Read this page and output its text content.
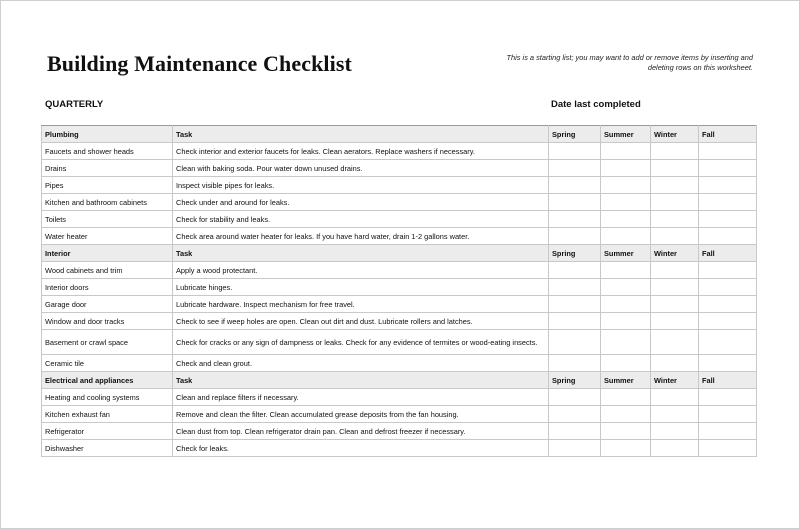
Building Maintenance Checklist	This is a starting list; you may want to add or remove items by inserting and deleting rows on this worksheet.
QUARTERLY	Date last completed
Plumbing	Task	Spring	Summer	Winter	Fall
Faucets and shower heads	Check interior and exterior faucets for leaks. Clean aerators. Replace washers if necessary.				
Drains	Clean with baking soda. Pour water down unused drains.				
Pipes	Inspect visible pipes for leaks.				
Kitchen and bathroom cabinets	Check under and around for leaks.				
Toilets	Check for stability and leaks.				
Water heater	Check area around water heater for leaks. If you have hard water, drain 1-2 gallons water.				
Interior	Task	Spring	Summer	Winter	Fall
Wood cabinets and trim	Apply a wood protectant.				
Interior doors	Lubricate hinges.				
Garage door	Lubricate hardware. Inspect mechanism for free travel.				
Window and door tracks	Check to see if weep holes are open. Clean out dirt and dust. Lubricate rollers and latches.				
Basement or crawl space	Check for cracks or any sign of dampness or leaks. Check for any evidence of termites or wood-eating insects.				
Ceramic tile	Check and clean grout.				
Electrical and appliances	Task	Spring	Summer	Winter	Fall
Heating and cooling systems	Clean and replace filters if necessary.				
Kitchen exhaust fan	Remove and clean the filter. Clean accumulated grease deposits from the fan housing.				
Refrigerator	Clean dust from top. Clean refrigerator drain pan. Clean and defrost freezer if necessary.				
Dishwasher	Check for leaks.				
